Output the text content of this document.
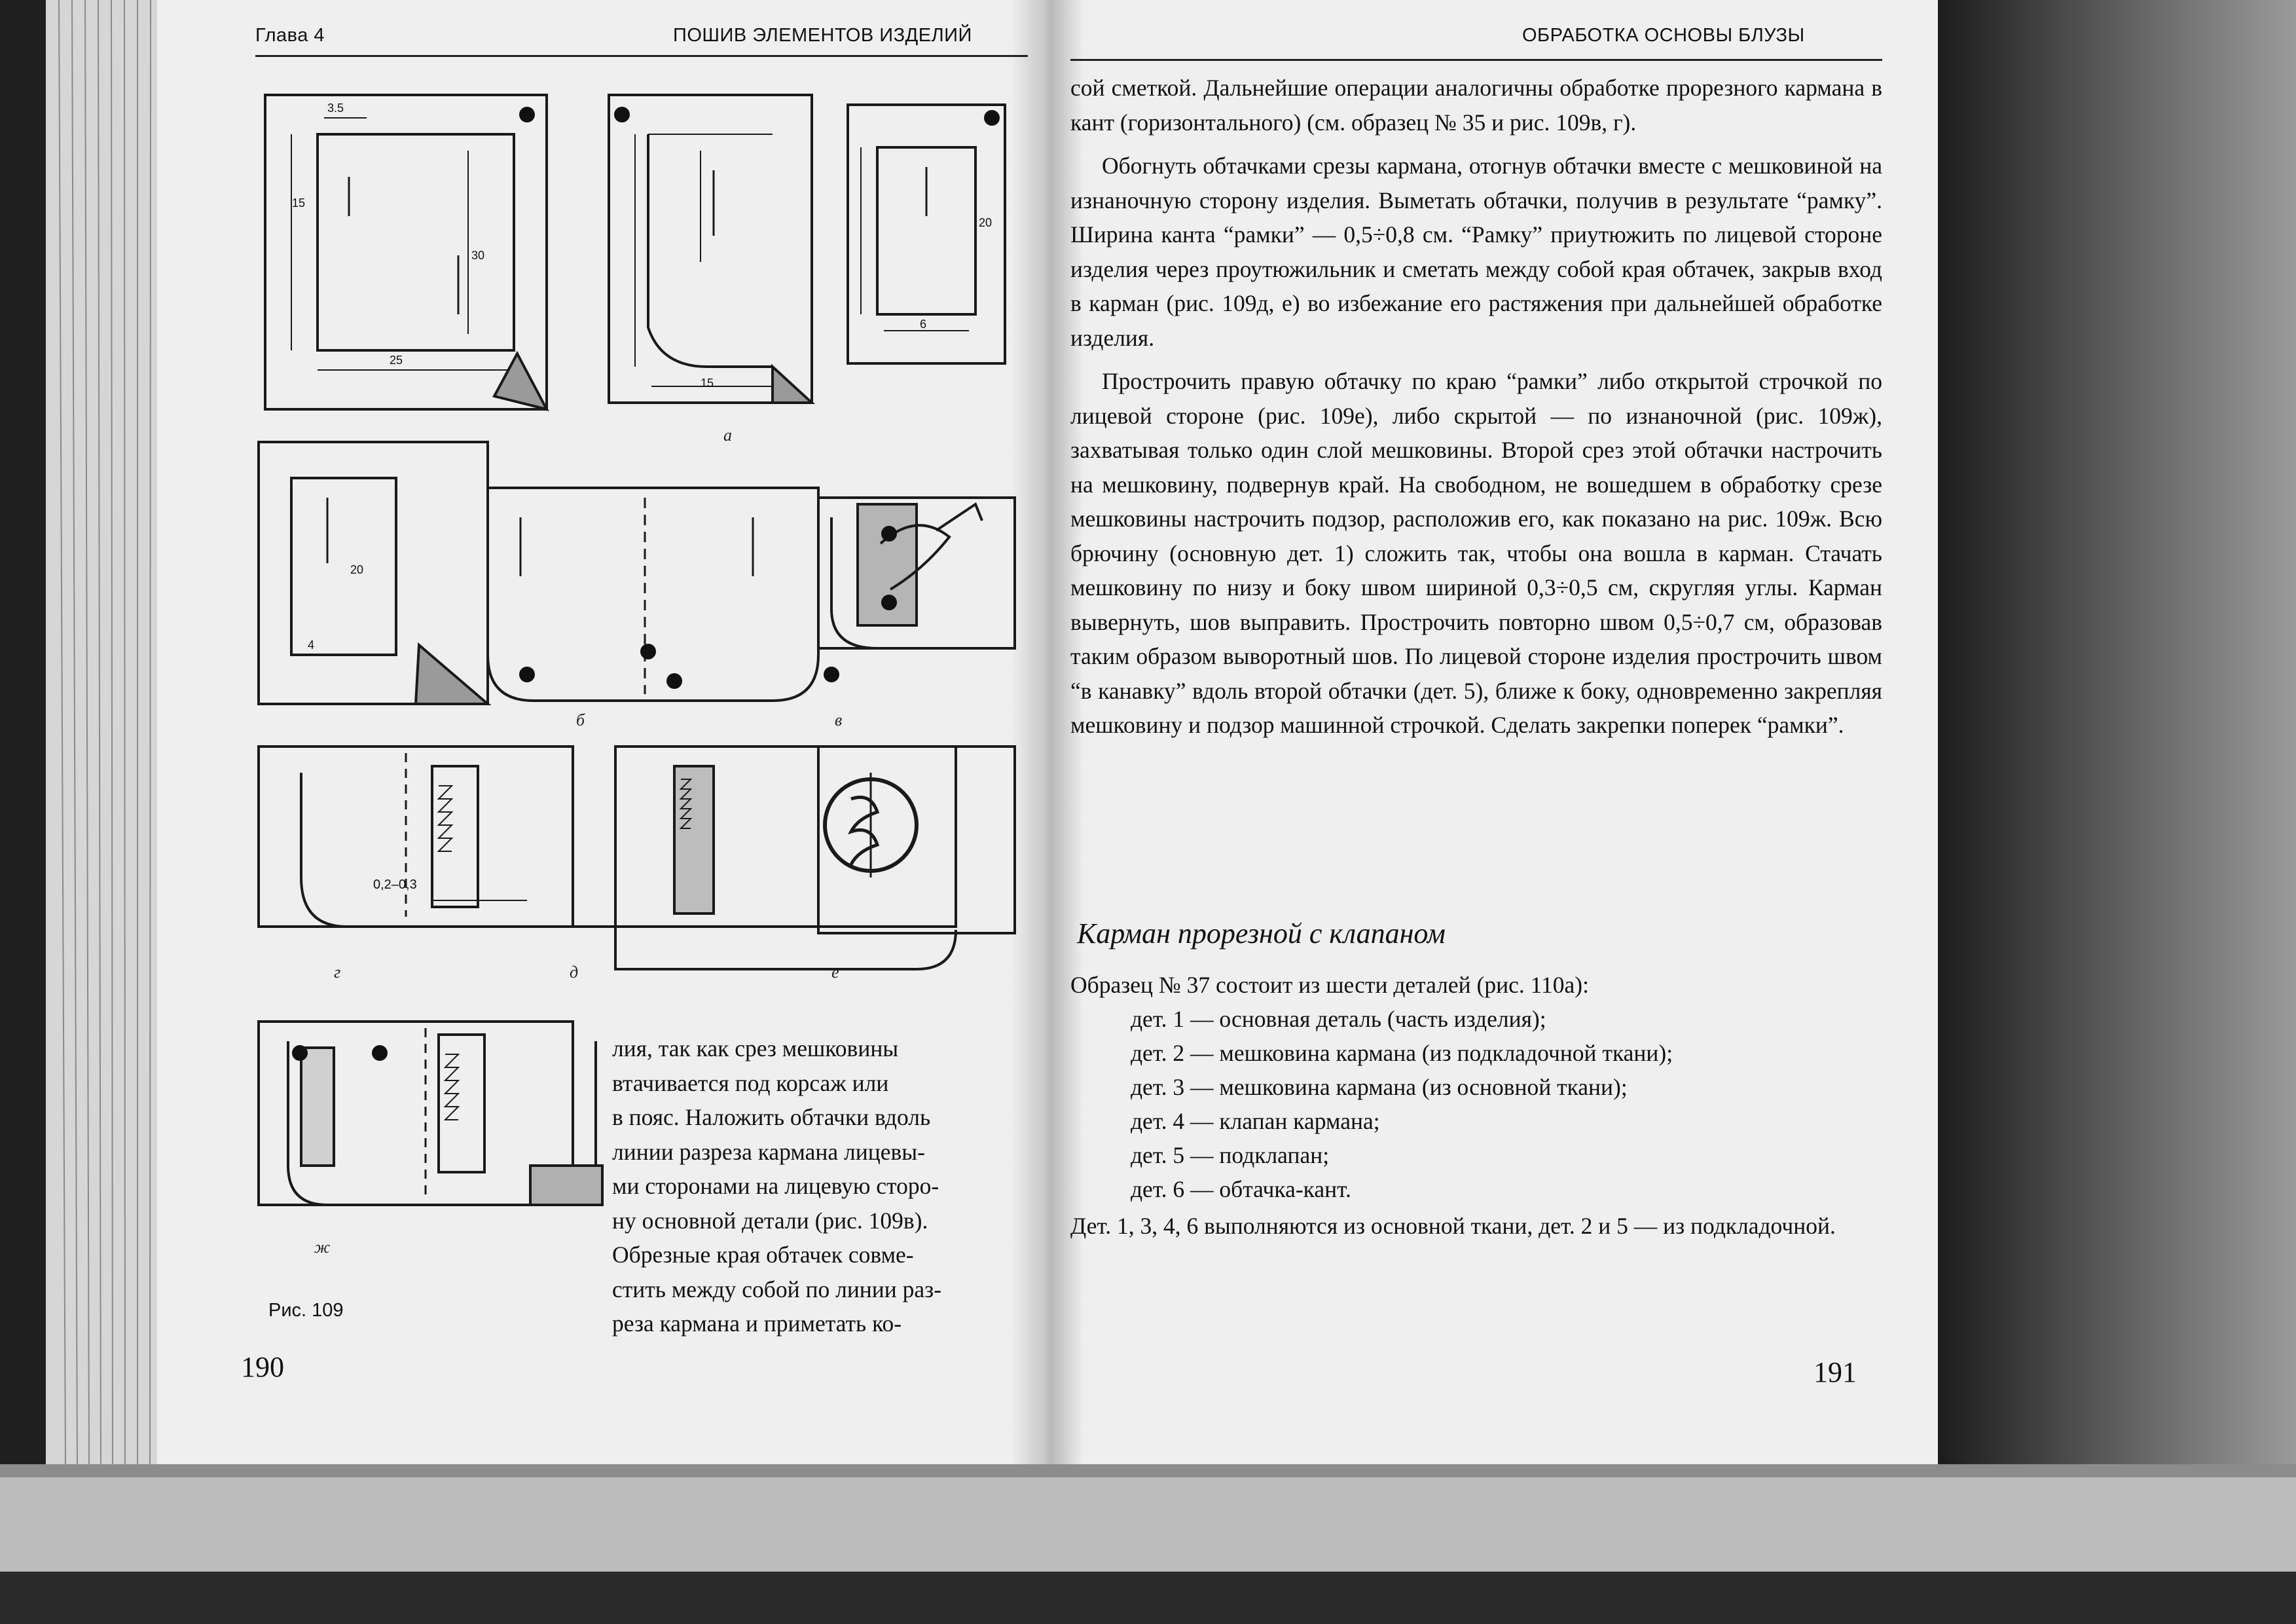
Глава 4	ПОШИВ ЭЛЕМЕНТОВ ИЗДЕЛИЙ
3.5
15
30
25
15
20
6
20
4
0,2–0,3
а
б	в
г	д	е
ж
Рис. 109

лия, так как срез мешковины

втачивается под корсаж или

в пояс. Наложить обтачки вдоль

линии разреза кармана лицевы-

ми сторонами на лицевую сторо-

ну основной детали (рис. 109в).

Обрезные края обтачек совме-

стить между собой по линии раз-

реза кармана и приметать ко-

190
ОБРАБОТКА ОСНОВЫ БЛУЗЫ

сой сметкой. Дальнейшие операции аналогичны обработке прорезного кармана в кант (горизонтального) (см. образец № 35 и рис. 109в, г).

Обогнуть обтачками срезы кармана, отогнув обтачки вместе с мешковиной на изнаночную сторону изделия. Выметать обтачки, получив в результате “рамку”. Ширина канта “рамки” — 0,5÷0,8 см. “Рамку” приутюжить по лицевой стороне изделия через проутюжильник и сметать между собой края обтачек, закрыв вход в карман (рис. 109д, е) во избежание его растяжения при дальнейшей обработке изделия.

Прострочить правую обтачку по краю “рамки” либо открытой строчкой по лицевой стороне (рис. 109е), либо скрытой — по изнаночной (рис. 109ж), захватывая только один слой мешковины. Второй срез этой обтачки настрочить на мешковину, подвернув край. На свободном, не вошедшем в обработку срезе мешковины настрочить подзор, расположив его, как показано на рис. 109ж. Всю брючину (основную дет. 1) сложить так, чтобы она вошла в карман. Стачать мешковину по низу и боку швом шириной 0,3÷0,5 см, скругляя углы. Карман вывернуть, шов выправить. Прострочить повторно швом 0,5÷0,7 см, образовав таким образом выворотный шов. По лицевой стороне изделия прострочить швом “в канавку” вдоль второй обтачки (дет. 5), ближе к боку, одновременно закрепляя мешковину и подзор машинной строчкой. Сделать закрепки поперек “рамки”.

Карман прорезной с клапаном

Образец № 37 состоит из шести деталей (рис. 110а):

дет. 1 — основная деталь (часть изделия);
дет. 2 — мешковина кармана (из подкладочной ткани);
дет. 3 — мешковина кармана (из основной ткани);
дет. 4 — клапан кармана;
дет. 5 — подклапан;
дет. 6 — обтачка-кант.

Дет. 1, 3, 4, 6 выполняются из основной ткани, дет. 2 и 5 — из подкладочной.

191
